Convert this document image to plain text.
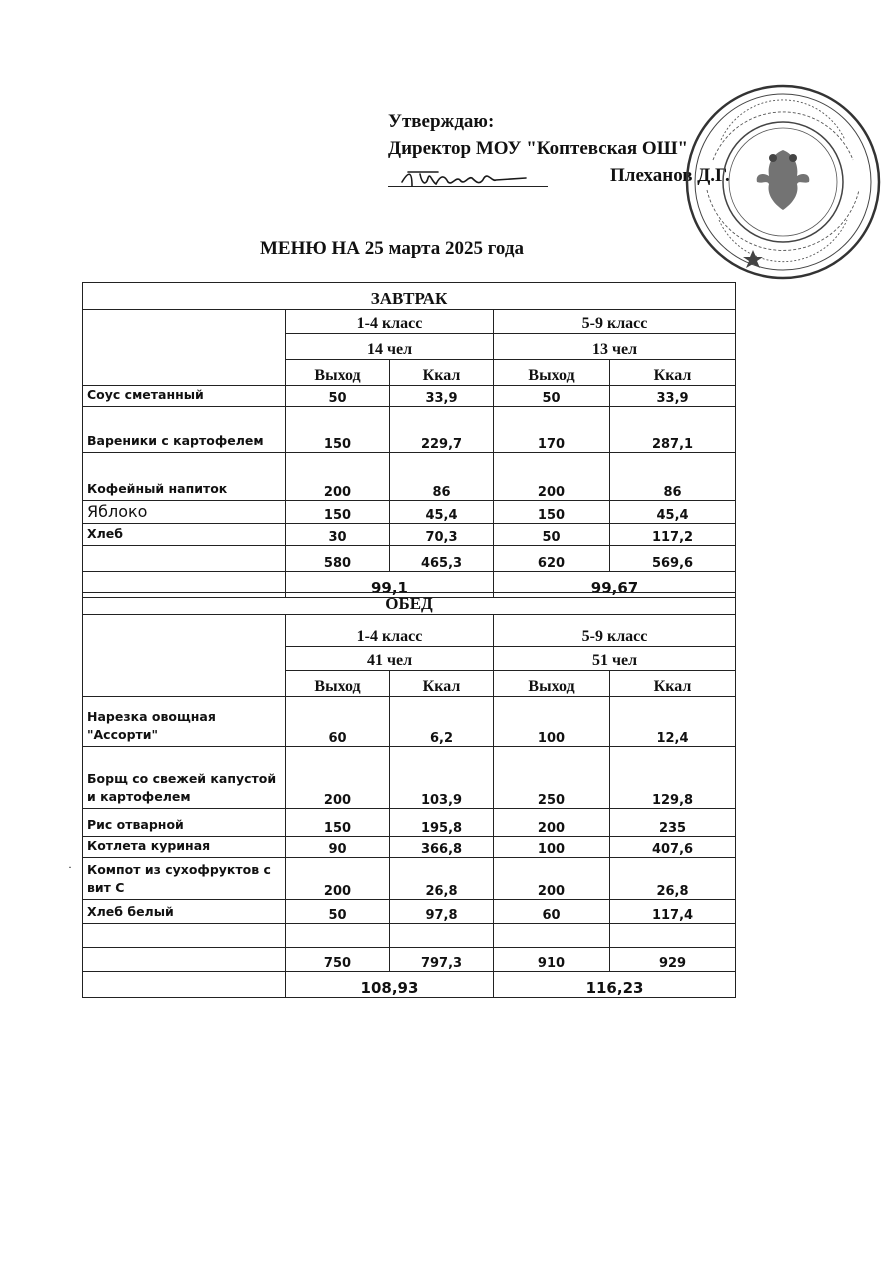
Утверждаю:
Директор МОУ "Коптевская ОШ"
Плеханов Д.Г.
МЕНЮ НА 25 марта 2025 года
ЗАВТРАК				
	1-4 класс		5-9 класс	
	14 чел		13 чел	
	Выход	Ккал	Выход	Ккал
Соус сметанный	50	33,9	50	33,9
Вареники с картофелем	150	229,7	170	287,1
Кофейный напиток	200	86	200	86
Яблоко	150	45,4	150	45,4
Хлеб	30	70,3	50	117,2
	580	465,3	620	569,6
	99,1		99,67	
ОБЕД				
	1-4 класс		5-9 класс	
	41 чел		51 чел	
	Выход	Ккал	Выход	Ккал
Нарезка овощная "Ассорти"	60	6,2	100	12,4
Борщ со свежей капустой и картофелем	200	103,9	250	129,8
Рис отварной	150	195,8	200	235
Котлета куриная	90	366,8	100	407,6
Компот из сухофруктов с вит С	200	26,8	200	26,8
Хлеб белый	50	97,8	60	117,4

	750	797,3	910	929
	108,93		116,23	
·
